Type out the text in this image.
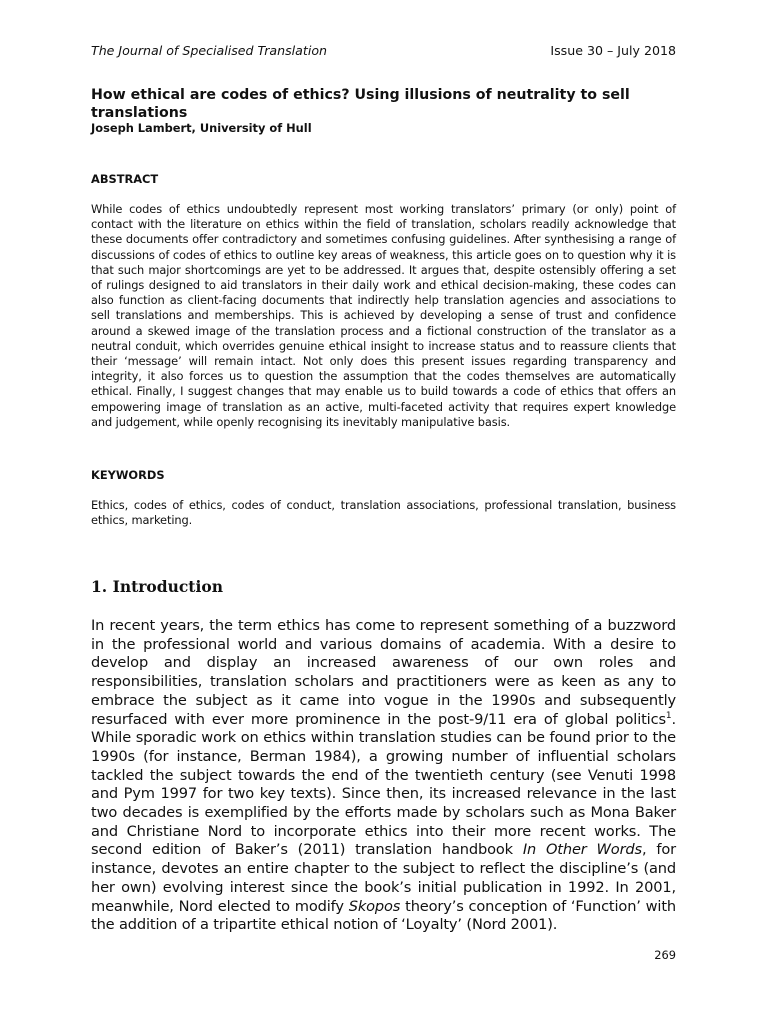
The Journal of Specialised Translation	Issue 30 – July 2018
How ethical are codes of ethics? Using illusions of neutrality to sell translations

Joseph Lambert, University of Hull

ABSTRACT

While codes of ethics undoubtedly represent most working translators’ primary (or only) point of contact with the literature on ethics within the field of translation, scholars readily acknowledge that these documents offer contradictory and sometimes confusing guidelines. After synthesising a range of discussions of codes of ethics to outline key areas of weakness, this article goes on to question why it is that such major shortcomings are yet to be addressed. It argues that, despite ostensibly offering a set of rulings designed to aid translators in their daily work and ethical decision-making, these codes can also function as client-facing documents that indirectly help translation agencies and associations to sell translations and memberships. This is achieved by developing a sense of trust and confidence around a skewed image of the translation process and a fictional construction of the translator as a neutral conduit, which overrides genuine ethical insight to increase status and to reassure clients that their ‘message’ will remain intact. Not only does this present issues regarding transparency and integrity, it also forces us to question the assumption that the codes themselves are automatically ethical. Finally, I suggest changes that may enable us to build towards a code of ethics that offers an empowering image of translation as an active, multi-faceted activity that requires expert knowledge and judgement, while openly recognising its inevitably manipulative basis.

KEYWORDS

Ethics, codes of ethics, codes of conduct, translation associations, professional translation, business ethics, marketing.

1. Introduction

In recent years, the term ethics has come to represent something of a buzzword in the professional world and various domains of academia. With a desire to develop and display an increased awareness of our own roles and responsibilities, translation scholars and practitioners were as keen as any to embrace the subject as it came into vogue in the 1990s and subsequently resurfaced with ever more prominence in the post-9/11 era of global politics$^1$. While sporadic work on ethics within translation studies can be found prior to the 1990s (for instance, Berman 1984), a growing number of influential scholars tackled the subject towards the end of the twentieth century (see Venuti 1998 and Pym 1997 for two key texts). Since then, its increased relevance in the last two decades is exemplified by the efforts made by scholars such as Mona Baker and Christiane Nord to incorporate ethics into their more recent works. The second edition of Baker’s (2011) translation handbook In Other Words, for instance, devotes an entire chapter to the subject to reflect the discipline’s (and her own) evolving interest since the book’s initial publication in 1992. In 2001, meanwhile, Nord elected to modify Skopos theory’s conception of ‘Function’ with the addition of a tripartite ethical notion of ‘Loyalty’ (Nord 2001).

269
